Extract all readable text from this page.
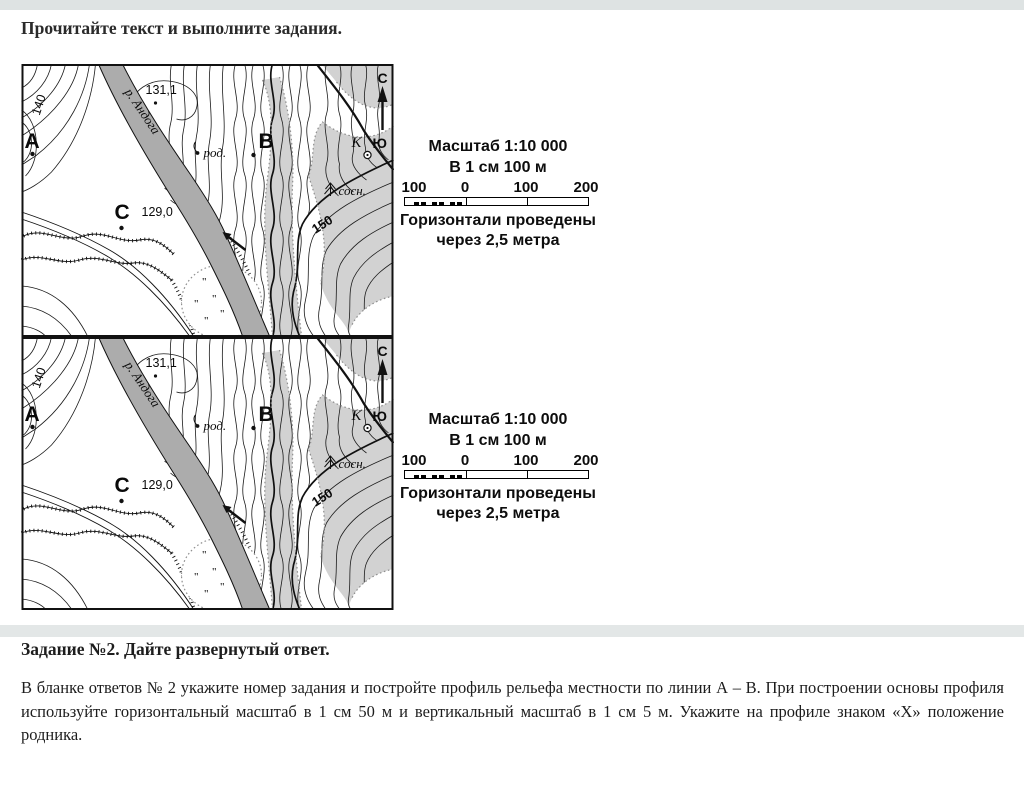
Прочитайте текст и выполните задания.
Масштаб 1:10 000
В 1 см 100 м
100 0	100 200
Горизонтали проведены
через 2,5 метра
Масштаб 1:10 000
В 1 см 100 м
100 0	100 200
Горизонтали проведены
через 2,5 метра
Задание №2. Дайте развернутый ответ.

В бланке ответов № 2 укажите номер задания и постройте профиль рельефа местности по линии А – В. При построении основы профиля используйте горизонтальный масштаб в 1 см 50 м и вертикальный масштаб в 1 см 5 м. Укажите на профиле знаком «Х» положение родника.
